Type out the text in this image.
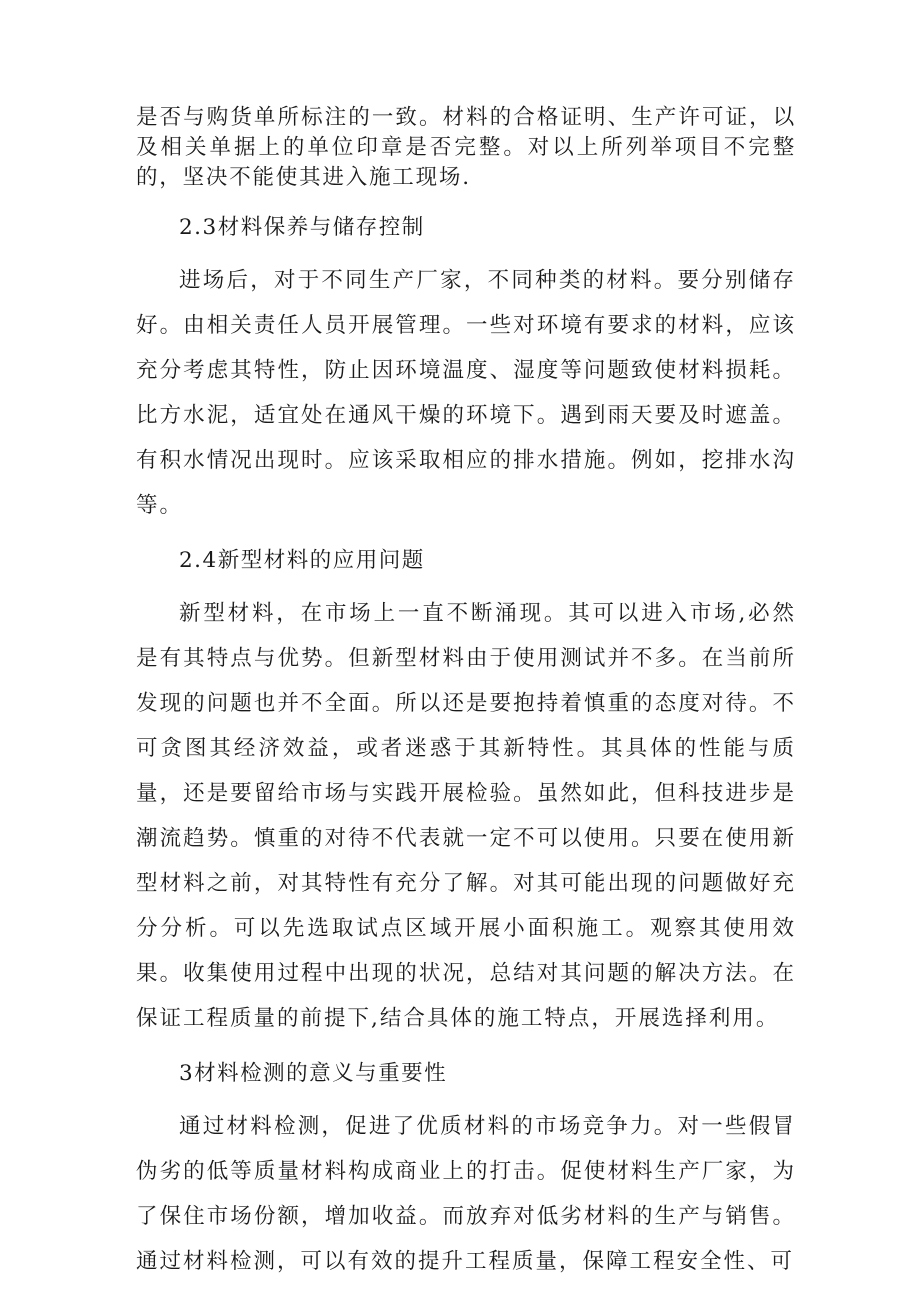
是否与购货单所标注的一致。材料的合格证明、生产许可证，以及相关单据上的单位印章是否完整。对以上所列举项目不完整的，坚决不能使其进入施工现场.

2.3材料保养与储存控制

进场后，对于不同生产厂家，不同种类的材料。要分别储存好。由相关责任人员开展管理。一些对环境有要求的材料，应该充分考虑其特性，防止因环境温度、湿度等问题致使材料损耗。比方水泥，适宜处在通风干燥的环境下。遇到雨天要及时遮盖。有积水情况出现时。应该采取相应的排水措施。例如，挖排水沟等。

2.4新型材料的应用问题

新型材料，在市场上一直不断涌现。其可以进入市场,必然是有其特点与优势。但新型材料由于使用测试并不多。在当前所发现的问题也并不全面。所以还是要抱持着慎重的态度对待。不可贪图其经济效益，或者迷惑于其新特性。其具体的性能与质量，还是要留给市场与实践开展检验。虽然如此，但科技进步是潮流趋势。慎重的对待不代表就一定不可以使用。只要在使用新型材料之前，对其特性有充分了解。对其可能出现的问题做好充分分析。可以先选取试点区域开展小面积施工。观察其使用效果。收集使用过程中出现的状况，总结对其问题的解决方法。在保证工程质量的前提下,结合具体的施工特点，开展选择利用。

3材料检测的意义与重要性

通过材料检测，促进了优质材料的市场竞争力。对一些假冒伪劣的低等质量材料构成商业上的打击。促使材料生产厂家，为了保住市场份额，增加收益。而放弃对低劣材料的生产与销售。通过材料检测，可以有效的提升工程质量，保障工程安全性、可
